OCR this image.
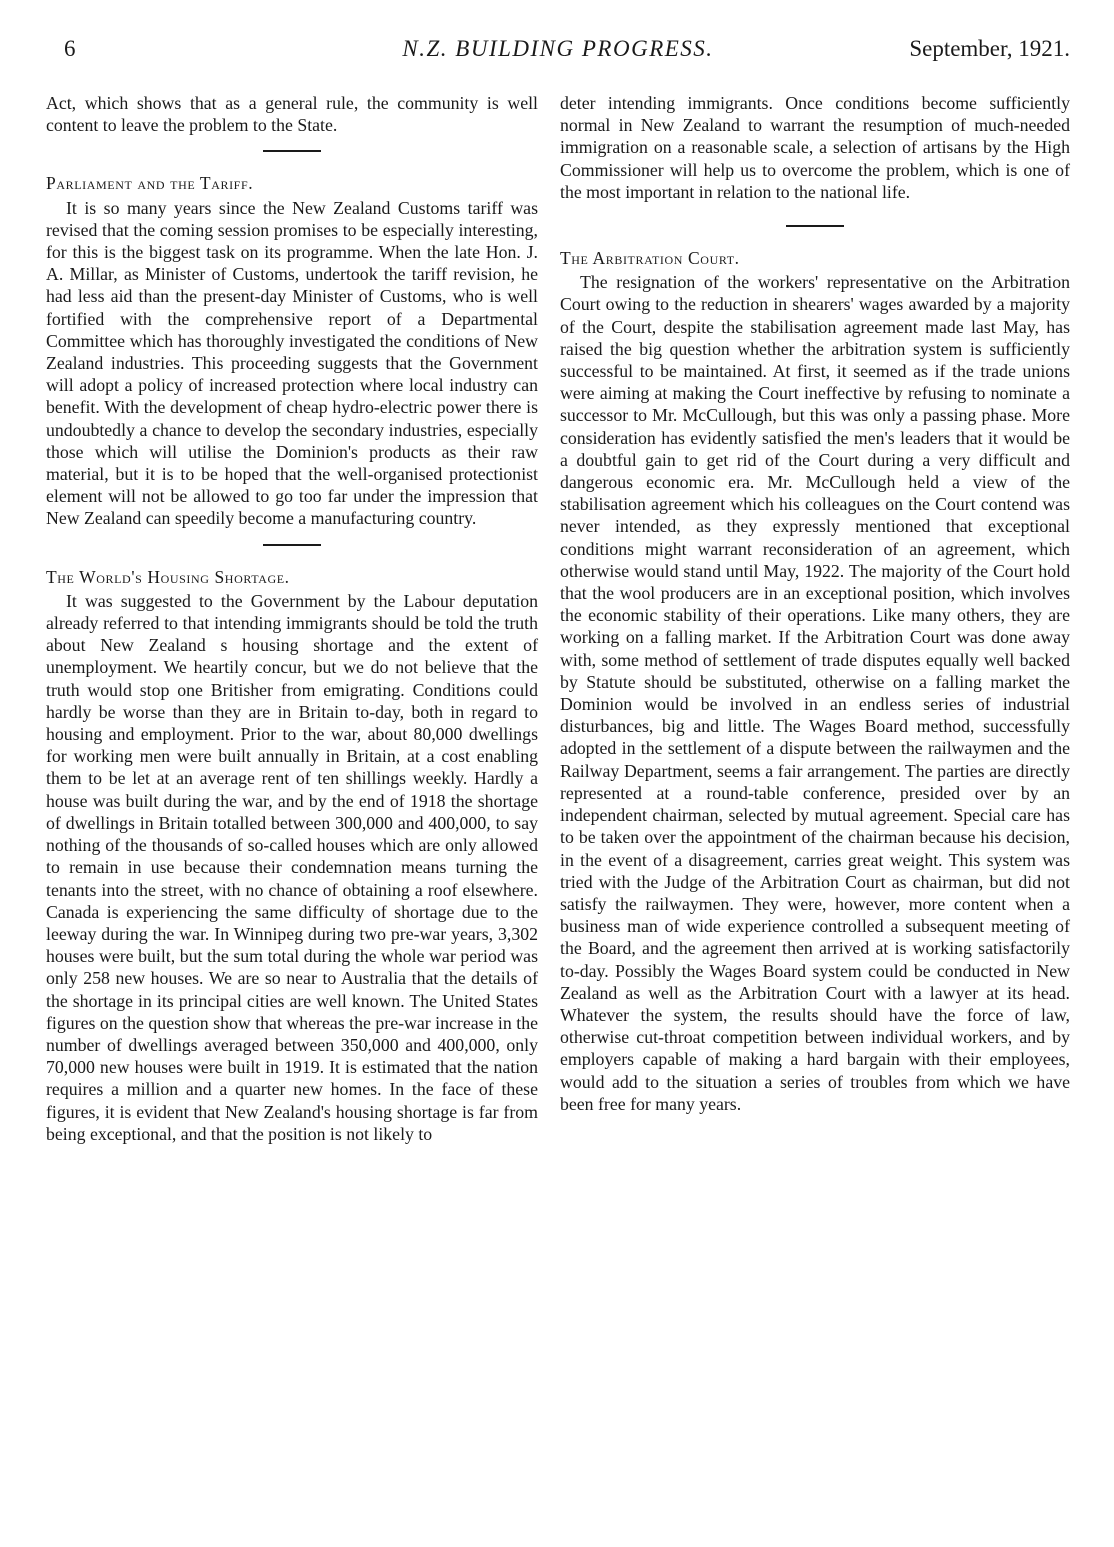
6	N.Z. BUILDING PROGRESS.	September, 1921.

Act, which shows that as a general rule, the community is well content to leave the problem to the State.

Parliament and the Tariff.

It is so many years since the New Zealand Customs tariff was revised that the coming session promises to be especially interesting, for this is the biggest task on its programme. When the late Hon. J. A. Millar, as Minister of Customs, undertook the tariff revision, he had less aid than the present-day Minister of Customs, who is well fortified with the comprehensive report of a Departmental Committee which has thoroughly investigated the conditions of New Zealand industries. This proceeding suggests that the Government will adopt a policy of increased protection where local industry can benefit. With the development of cheap hydro-electric power there is undoubtedly a chance to develop the secondary industries, especially those which will utilise the Dominion's products as their raw material, but it is to be hoped that the well-organised protectionist element will not be allowed to go too far under the impression that New Zealand can speedily become a manufacturing country.

The World's Housing Shortage.

It was suggested to the Government by the Labour deputation already referred to that intending immigrants should be told the truth about New Zealand s housing shortage and the extent of unemployment. We heartily concur, but we do not believe that the truth would stop one Britisher from emigrating. Conditions could hardly be worse than they are in Britain to-day, both in regard to housing and employment. Prior to the war, about 80,000 dwellings for working men were built annually in Britain, at a cost enabling them to be let at an average rent of ten shillings weekly. Hardly a house was built during the war, and by the end of 1918 the shortage of dwellings in Britain totalled between 300,000 and 400,000, to say nothing of the thousands of so-called houses which are only allowed to remain in use because their condemnation means turning the tenants into the street, with no chance of obtaining a roof elsewhere. Canada is experiencing the same difficulty of shortage due to the leeway during the war. In Winnipeg during two pre-war years, 3,302 houses were built, but the sum total during the whole war period was only 258 new houses. We are so near to Australia that the details of the shortage in its principal cities are well known. The United States figures on the question show that whereas the pre-war increase in the number of dwellings averaged between 350,000 and 400,000, only 70,000 new houses were built in 1919. It is estimated that the nation requires a million and a quarter new homes. In the face of these figures, it is evident that New Zealand's housing shortage is far from being exceptional, and that the position is not likely to

deter intending immigrants. Once conditions become sufficiently normal in New Zealand to warrant the resumption of much-needed immigration on a reasonable scale, a selection of artisans by the High Commissioner will help us to overcome the problem, which is one of the most important in relation to the national life.

The Arbitration Court.

The resignation of the workers' representative on the Arbitration Court owing to the reduction in shearers' wages awarded by a majority of the Court, despite the stabilisation agreement made last May, has raised the big question whether the arbitration system is sufficiently successful to be maintained. At first, it seemed as if the trade unions were aiming at making the Court ineffective by refusing to nominate a successor to Mr. McCullough, but this was only a passing phase. More consideration has evidently satisfied the men's leaders that it would be a doubtful gain to get rid of the Court during a very difficult and dangerous economic era. Mr. McCullough held a view of the stabilisation agreement which his colleagues on the Court contend was never intended, as they expressly mentioned that exceptional conditions might warrant reconsideration of an agreement, which otherwise would stand until May, 1922. The majority of the Court hold that the wool producers are in an exceptional position, which involves the economic stability of their operations. Like many others, they are working on a falling market. If the Arbitration Court was done away with, some method of settlement of trade disputes equally well backed by Statute should be substituted, otherwise on a falling market the Dominion would be involved in an endless series of industrial disturbances, big and little. The Wages Board method, successfully adopted in the settlement of a dispute between the railwaymen and the Railway Department, seems a fair arrangement. The parties are directly represented at a round-table conference, presided over by an independent chairman, selected by mutual agreement. Special care has to be taken over the appointment of the chairman because his decision, in the event of a disagreement, carries great weight. This system was tried with the Judge of the Arbitration Court as chairman, but did not satisfy the railwaymen. They were, however, more content when a business man of wide experience controlled a subsequent meeting of the Board, and the agreement then arrived at is working satisfactorily to-day. Possibly the Wages Board system could be conducted in New Zealand as well as the Arbitration Court with a lawyer at its head. Whatever the system, the results should have the force of law, otherwise cut-throat competition between individual workers, and by employers capable of making a hard bargain with their employees, would add to the situation a series of troubles from which we have been free for many years.
